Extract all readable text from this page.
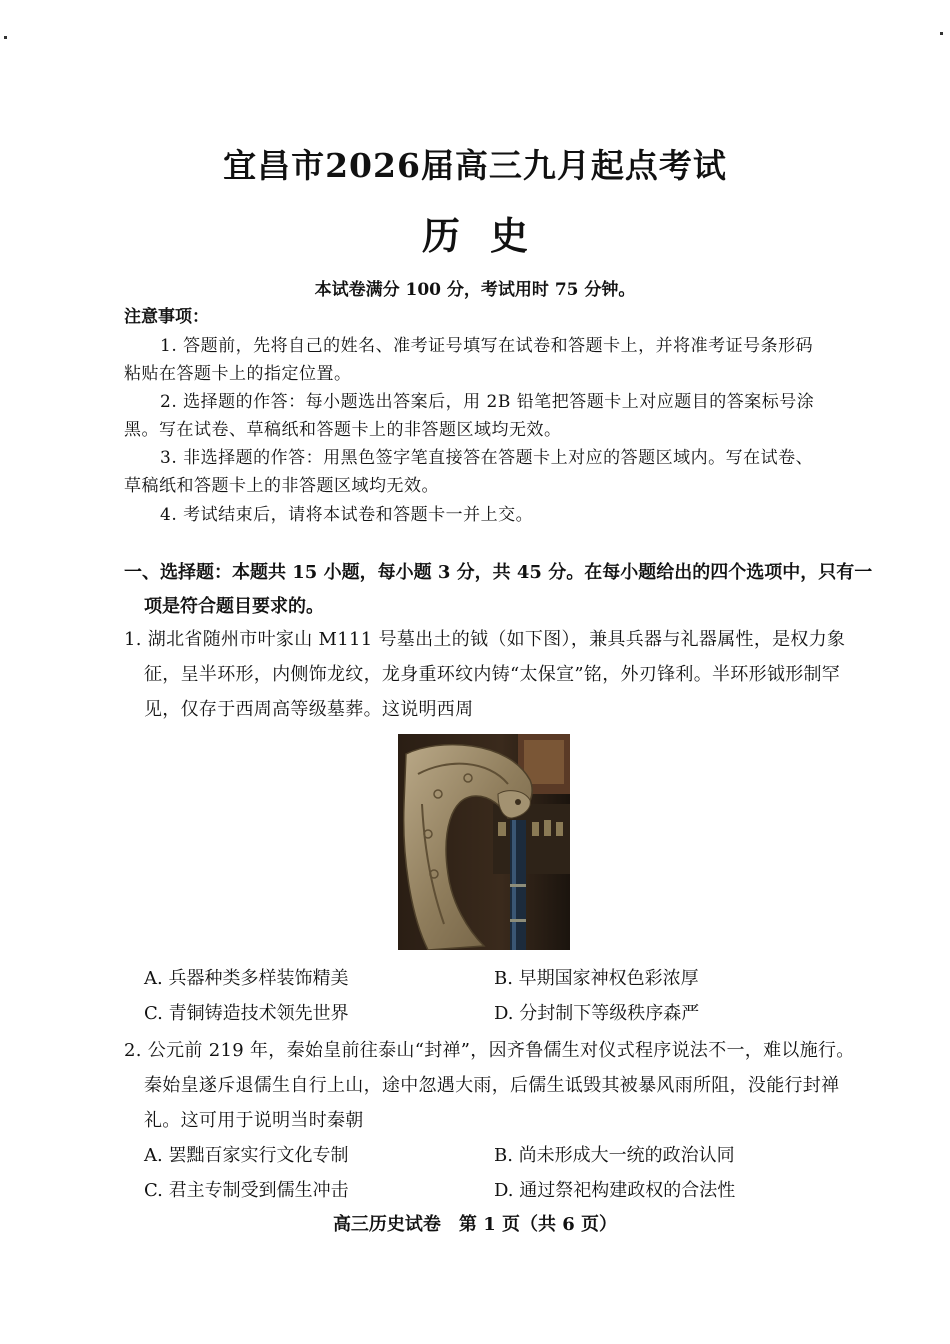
宜昌市2026届高三九月起点考试
历史
本试卷满分 100 分，考试用时 75 分钟。
注意事项：
1. 答题前，先将自己的姓名、准考证号填写在试卷和答题卡上，并将准考证号条形码
粘贴在答题卡上的指定位置。
2. 选择题的作答：每小题选出答案后，用 2B 铅笔把答题卡上对应题目的答案标号涂
黑。写在试卷、草稿纸和答题卡上的非答题区域均无效。
3. 非选择题的作答：用黑色签字笔直接答在答题卡上对应的答题区域内。写在试卷、
草稿纸和答题卡上的非答题区域均无效。
4. 考试结束后，请将本试卷和答题卡一并上交。
一、选择题：本题共 15 小题，每小题 3 分，共 45 分。在每小题给出的四个选项中，只有一
项是符合题目要求的。
1. 湖北省随州市叶家山 M111 号墓出土的钺（如下图），兼具兵器与礼器属性，是权力象
征，呈半环形，内侧饰龙纹，龙身重环纹内铸“太保宣”铭，外刃锋利。半环形钺形制罕
见，仅存于西周高等级墓葬。这说明西周
A. 兵器种类多样装饰精美	B. 早期国家神权色彩浓厚
C. 青铜铸造技术领先世界	D. 分封制下等级秩序森严
2. 公元前 219 年，秦始皇前往泰山“封禅”，因齐鲁儒生对仪式程序说法不一，难以施行。
秦始皇遂斥退儒生自行上山，途中忽遇大雨，后儒生诋毁其被暴风雨所阻，没能行封禅
礼。这可用于说明当时秦朝
A. 罢黜百家实行文化专制	B. 尚未形成大一统的政治认同
C. 君主专制受到儒生冲击	D. 通过祭祀构建政权的合法性
高三历史试卷　第 1 页（共 6 页）
